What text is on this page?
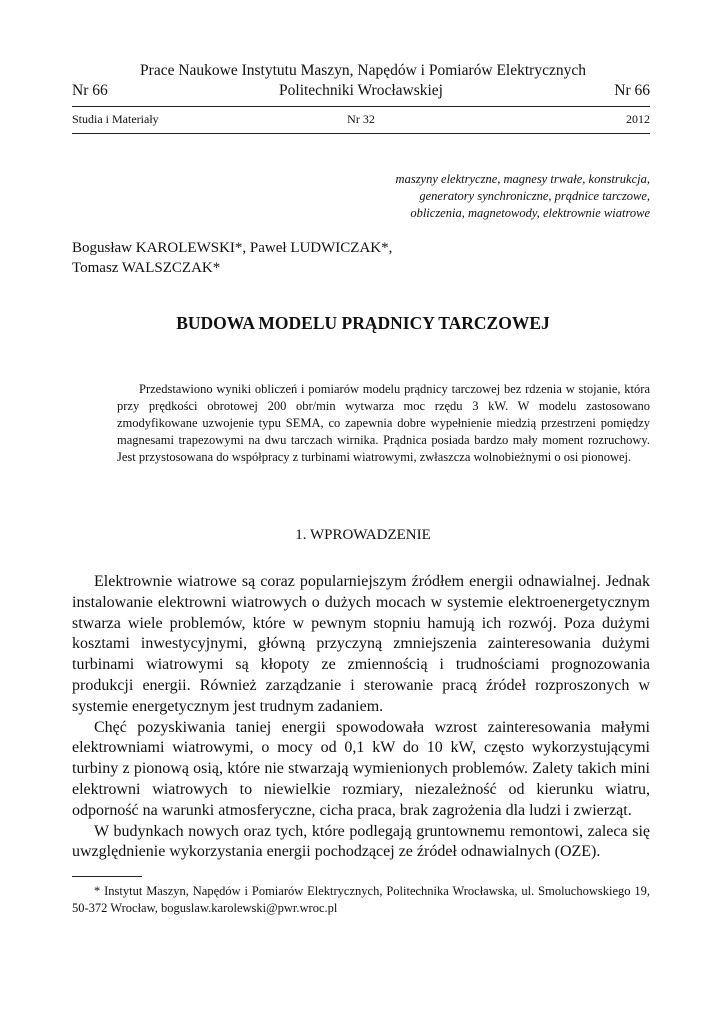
Prace Naukowe Instytutu Maszyn, Napędów i Pomiarów Elektrycznych
Politechniki Wrocławskiej
Nr 66	Nr 66
Studia i Materiały	Nr 32	2012
maszyny elektryczne, magnesy trwałe, konstrukcja,
generatory synchroniczne, prądnice tarczowe,
obliczenia, magnetowody, elektrownie wiatrowe
Bogusław KAROLEWSKI*, Paweł LUDWICZAK*,
Tomasz WALSZCZAK*
BUDOWA MODELU PRĄDNICY TARCZOWEJ
Przedstawiono wyniki obliczeń i pomiarów modelu prądnicy tarczowej bez rdzenia w stojanie, która przy prędkości obrotowej 200 obr/min wytwarza moc rzędu 3 kW. W modelu zastosowano zmodyfikowane uzwojenie typu SEMA, co zapewnia dobre wypełnienie miedzią przestrzeni pomiędzy magnesami trapezowymi na dwu tarczach wirnika. Prądnica posiada bardzo mały moment rozruchowy. Jest przystosowana do współpracy z turbinami wiatrowymi, zwłaszcza wolnobieżnymi o osi pionowej.
1. WPROWADZENIE

Elektrownie wiatrowe są coraz popularniejszym źródłem energii odnawialnej. Jednak instalowanie elektrowni wiatrowych o dużych mocach w systemie elektroenergetycznym stwarza wiele problemów, które w pewnym stopniu hamują ich rozwój. Poza dużymi kosztami inwestycyjnymi, główną przyczyną zmniejszenia zainteresowania dużymi turbinami wiatrowymi są kłopoty ze zmiennością i trudnościami prognozowania produkcji energii. Również zarządzanie i sterowanie pracą źródeł rozproszonych w systemie energetycznym jest trudnym zadaniem.

Chęć pozyskiwania taniej energii spowodowała wzrost zainteresowania małymi elektrowniami wiatrowymi, o mocy od 0,1 kW do 10 kW, często wykorzystującymi turbiny z pionową osią, które nie stwarzają wymienionych problemów. Zalety takich mini elektrowni wiatrowych to niewielkie rozmiary, niezależność od kierunku wiatru, odporność na warunki atmosferyczne, cicha praca, brak zagrożenia dla ludzi i zwierząt.

W budynkach nowych oraz tych, które podlegają gruntownemu remontowi, zaleca się uwzględnienie wykorzystania energii pochodzącej ze źródeł odnawialnych (OZE).

* Instytut Maszyn, Napędów i Pomiarów Elektrycznych, Politechnika Wrocławska, ul. Smoluchowskiego 19, 50-372 Wrocław, boguslaw.karolewski@pwr.wroc.pl
